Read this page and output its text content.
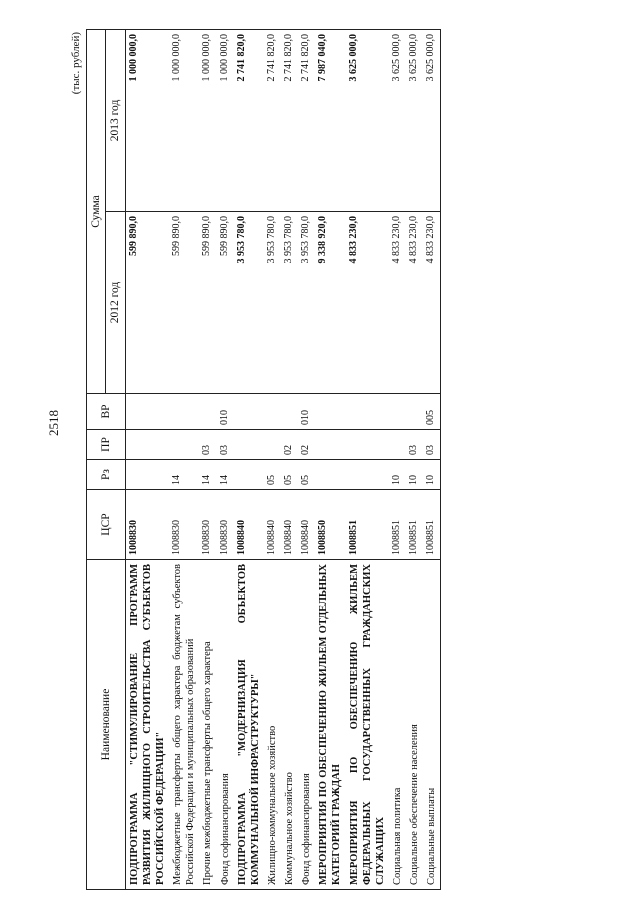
2518
(тыс. рублей)
Наименование	ЦСР	Рз	ПР	ВР	Сумма	
					2012 год	2013 год
ПОДПРОГРАММА "СТИМУЛИРОВАНИЕ ПРОГРАММ РАЗВИТИЯ ЖИЛИЩНОГО СТРОИТЕЛЬСТВА СУБЪЕКТОВ РОССИЙСКОЙ ФЕДЕРАЦИИ"	1008830				599 890,0	1 000 000,0
Межбюджетные трансферты общего характера бюджетам субъектов Российской Федерации и муниципальных образований	1008830	14			599 890,0	1 000 000,0
Прочие межбюджетные трансферты общего характера	1008830	14	03		599 890,0	1 000 000,0
Фонд софинансирования	1008830	14	03	010	599 890,0	1 000 000,0
ПОДПРОГРАММА "МОДЕРНИЗАЦИЯ ОБЪЕКТОВ КОММУНАЛЬНОЙ ИНФРАСТРУКТУРЫ"	1008840				3 953 780,0	2 741 820,0
Жилищно-коммунальное хозяйство	1008840	05			3 953 780,0	2 741 820,0
Коммунальное хозяйство	1008840	05	02		3 953 780,0	2 741 820,0
Фонд софинансирования	1008840	05	02	010	3 953 780,0	2 741 820,0
МЕРОПРИЯТИЯ ПО ОБЕСПЕЧЕНИЮ ЖИЛЬЕМ ОТДЕЛЬНЫХ КАТЕГОРИЙ ГРАЖДАН	1008850				9 338 920,0	7 987 040,0
МЕРОПРИЯТИЯ ПО ОБЕСПЕЧЕНИЮ ЖИЛЬЕМ ФЕДЕРАЛЬНЫХ ГОСУДАРСТВЕННЫХ ГРАЖДАНСКИХ СЛУЖАЩИХ	1008851				4 833 230,0	3 625 000,0
Социальная политика	1008851	10			4 833 230,0	3 625 000,0
Социальное обеспечение населения	1008851	10	03		4 833 230,0	3 625 000,0
Социальные выплаты	1008851	10	03	005	4 833 230,0	3 625 000,0
